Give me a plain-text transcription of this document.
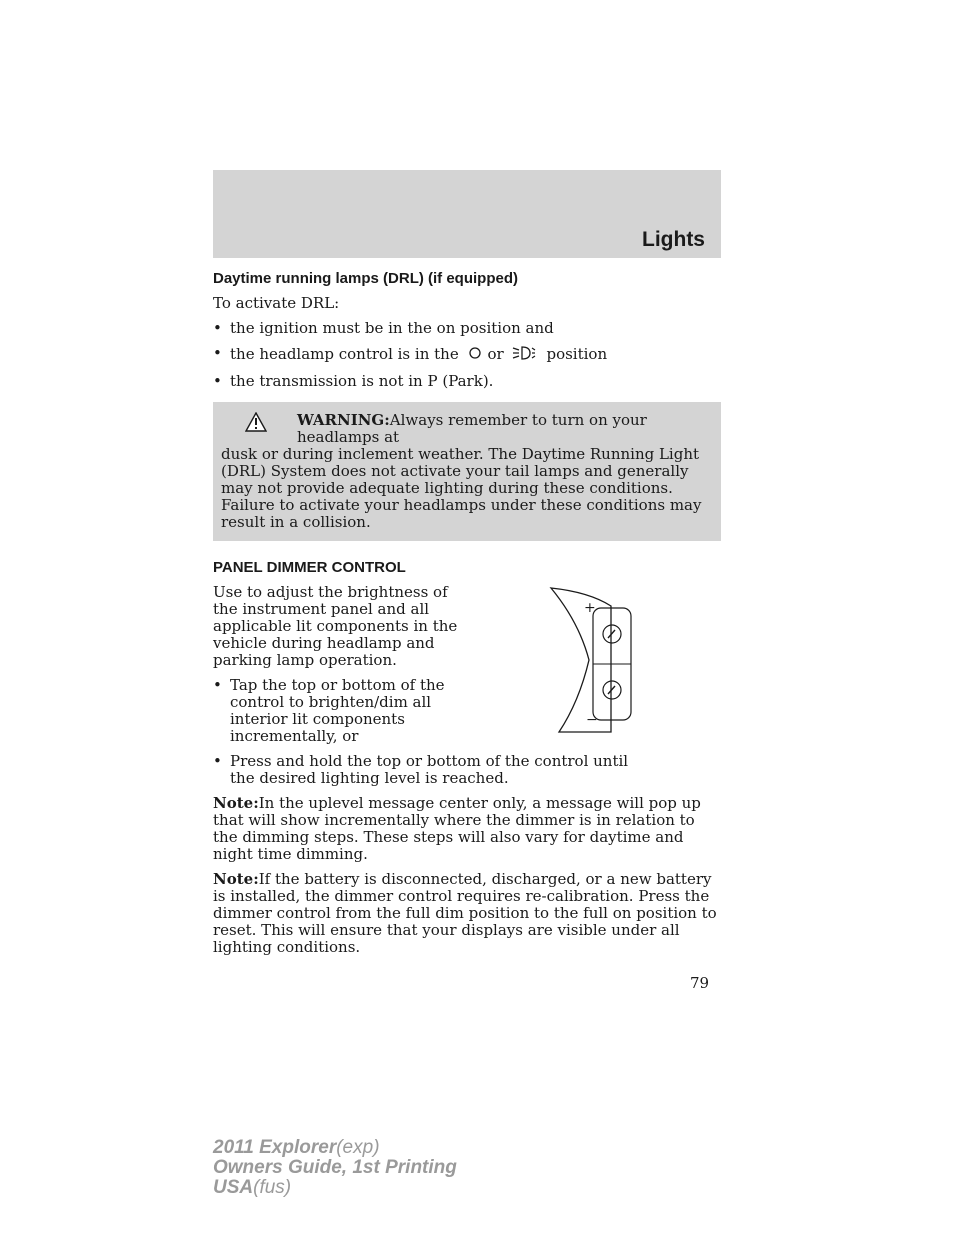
Lights
Daytime running lamps (DRL) (if equipped)

To activate DRL:

• the ignition must be in the on position and
• the headlamp control is in the or	position
• the transmission is not in P (Park).
WARNING:Always remember to turn on your headlamps at
dusk or during inclement weather. The Daytime Running Light (DRL) System does not activate your tail lamps and generally may not provide adequate lighting during these conditions. Failure to activate your headlamps under these conditions may result in a collision.
PANEL DIMMER CONTROL
+
−

Use to adjust the brightness of the instrument panel and all applicable lit components in the vehicle during headlamp and parking lamp operation.

• Tap the top or bottom of the control to brighten/dim all interior lit components incrementally, or
• Press and hold the top or bottom of the control until the desired lighting level is reached.

Note:In the uplevel message center only, a message will pop up that will show incrementally where the dimmer is in relation to the dimming steps. These steps will also vary for daytime and night time dimming.

Note:If the battery is disconnected, discharged, or a new battery is installed, the dimmer control requires re-calibration. Press the dimmer control from the full dim position to the full on position to reset. This will ensure that your displays are visible under all lighting conditions.

79
2011 Explorer(exp)
Owners Guide, 1st Printing
USA(fus)
